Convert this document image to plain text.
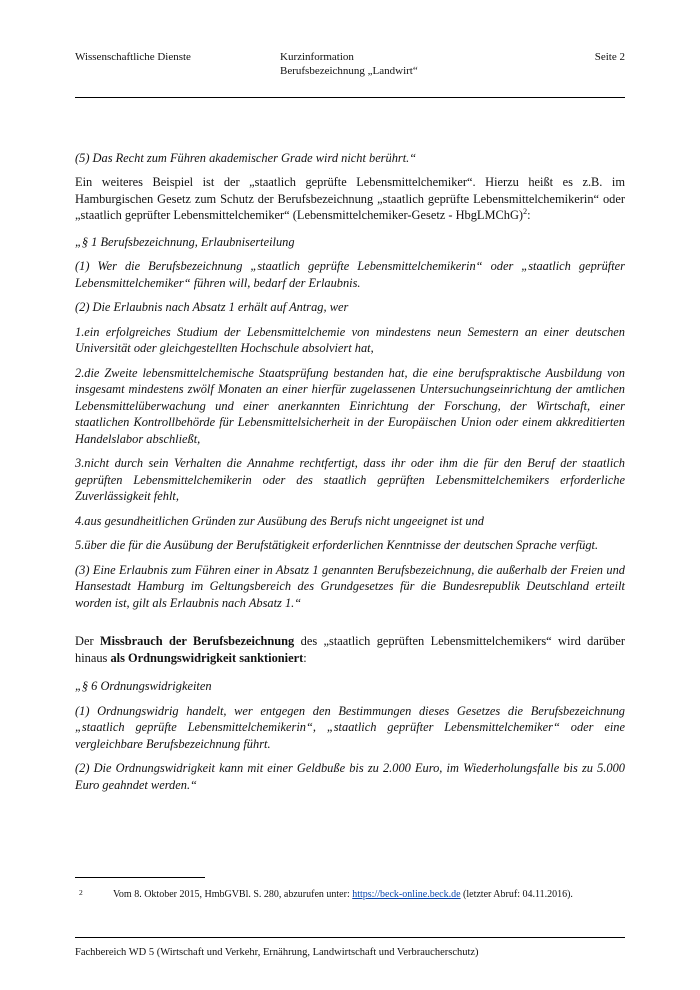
Wissenschaftliche Dienste	Kurzinformation
Berufsbezeichnung „Landwirt“
Seite 2

(5) Das Recht zum Führen akademischer Grade wird nicht berührt.“

Ein weiteres Beispiel ist der „staatlich geprüfte Lebensmittelchemiker“. Hierzu heißt es z.B. im Hamburgischen Gesetz zum Schutz der Berufsbezeichnung „staatlich geprüfte Lebensmittelchemikerin“ oder „staatlich geprüfter Lebensmittelchemiker“ (Lebensmittelchemiker-Gesetz - HbgLMChG)$^2$:

„§ 1 Berufsbezeichnung, Erlaubniserteilung

(1) Wer die Berufsbezeichnung „staatlich geprüfte Lebensmittelchemikerin“ oder „staatlich geprüfter Lebensmittelchemiker“ führen will, bedarf der Erlaubnis.

(2) Die Erlaubnis nach Absatz 1 erhält auf Antrag, wer

1.ein erfolgreiches Studium der Lebensmittelchemie von mindestens neun Semestern an einer deutschen Universität oder gleichgestellten Hochschule absolviert hat,

2.die Zweite lebensmittelchemische Staatsprüfung bestanden hat, die eine berufspraktische Ausbildung von insgesamt mindestens zwölf Monaten an einer hierfür zugelassenen Untersuchungseinrichtung der amtlichen Lebensmittelüberwachung und einer anerkannten Einrichtung der Forschung, der Wirtschaft, einer staatlichen Kontrollbehörde für Lebensmittelsicherheit in der Europäischen Union oder einem akkreditierten Handelslabor abschließt,

3.nicht durch sein Verhalten die Annahme rechtfertigt, dass ihr oder ihm die für den Beruf der staatlich geprüften Lebensmittelchemikerin oder des staatlich geprüften Lebensmittelchemikers erforderliche Zuverlässigkeit fehlt,

4.aus gesundheitlichen Gründen zur Ausübung des Berufs nicht ungeeignet ist und

5.über die für die Ausübung der Berufstätigkeit erforderlichen Kenntnisse der deutschen Sprache verfügt.

(3) Eine Erlaubnis zum Führen einer in Absatz 1 genannten Berufsbezeichnung, die außerhalb der Freien und Hansestadt Hamburg im Geltungsbereich des Grundgesetzes für die Bundesrepublik Deutschland erteilt worden ist, gilt als Erlaubnis nach Absatz 1.“

Der Missbrauch der Berufsbezeichnung des „staatlich geprüften Lebensmittelchemikers“ wird darüber hinaus als Ordnungswidrigkeit sanktioniert:

„§ 6 Ordnungswidrigkeiten

(1) Ordnungswidrig handelt, wer entgegen den Bestimmungen dieses Gesetzes die Berufsbezeichnung „staatlich geprüfte Lebensmittelchemikerin“, „staatlich geprüfter Lebensmittelchemiker“ oder eine vergleichbare Berufsbezeichnung führt.

(2) Die Ordnungswidrigkeit kann mit einer Geldbuße bis zu 2.000 Euro, im Wiederholungsfalle bis zu 5.000 Euro geahndet werden.“

2	Vom 8. Oktober 2015, HmbGVBl. S. 280, abzurufen unter: https://beck-online.beck.de (letzter Abruf: 04.11.2016).
Fachbereich WD 5 (Wirtschaft und Verkehr, Ernährung, Landwirtschaft und Verbraucherschutz)
